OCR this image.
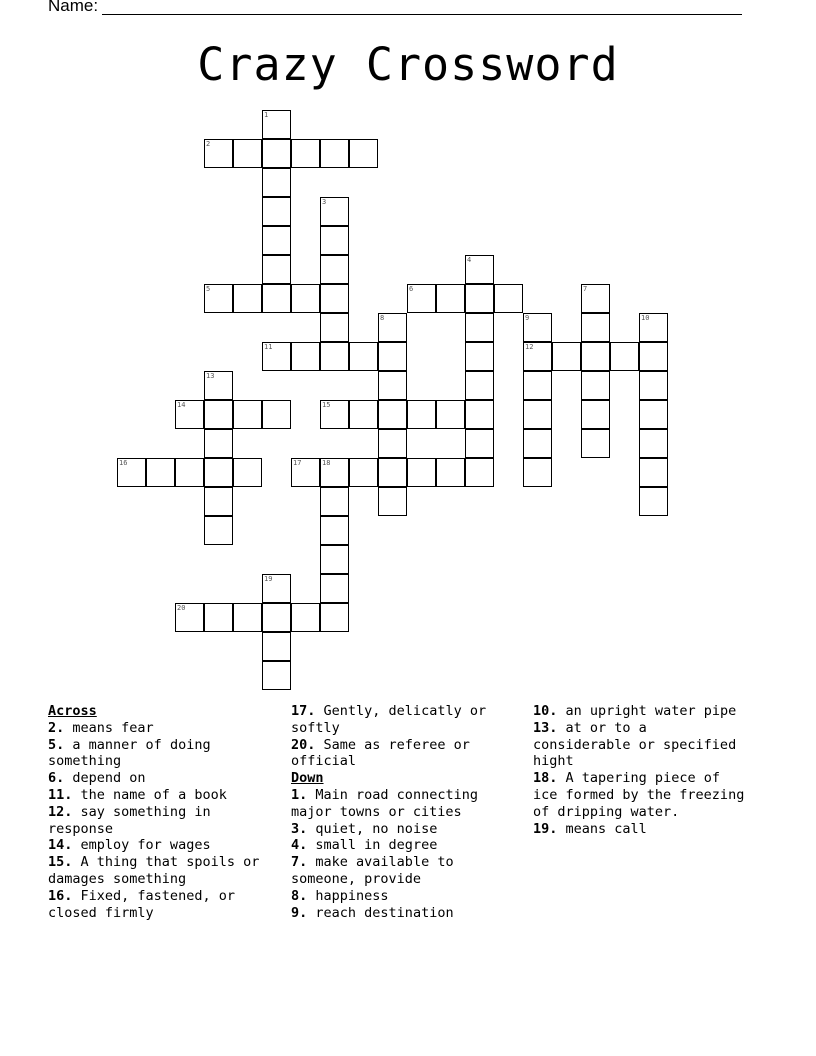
Name:
Crazy Crossword
1
2
3
4
5	6	7
8	9
12
10
11
13
14	15
16	17	18
19
20
Across
2. means fear
5. a manner of doing something
6. depend on
11. the name of a book
12. say something in response
14. employ for wages
15. A thing that spoils or damages something
16. Fixed, fastened, or closed firmly
17. Gently, delicatly or softly
20. Same as referee or official
Down
1. Main road connecting major towns or cities
3. quiet, no noise
4. small in degree
7. make available to someone, provide
8. happiness
9. reach destination
10. an upright water pipe
13. at or to a considerable or specified hight
18. A tapering piece of ice formed by the freezing of dripping water.
19. means call
